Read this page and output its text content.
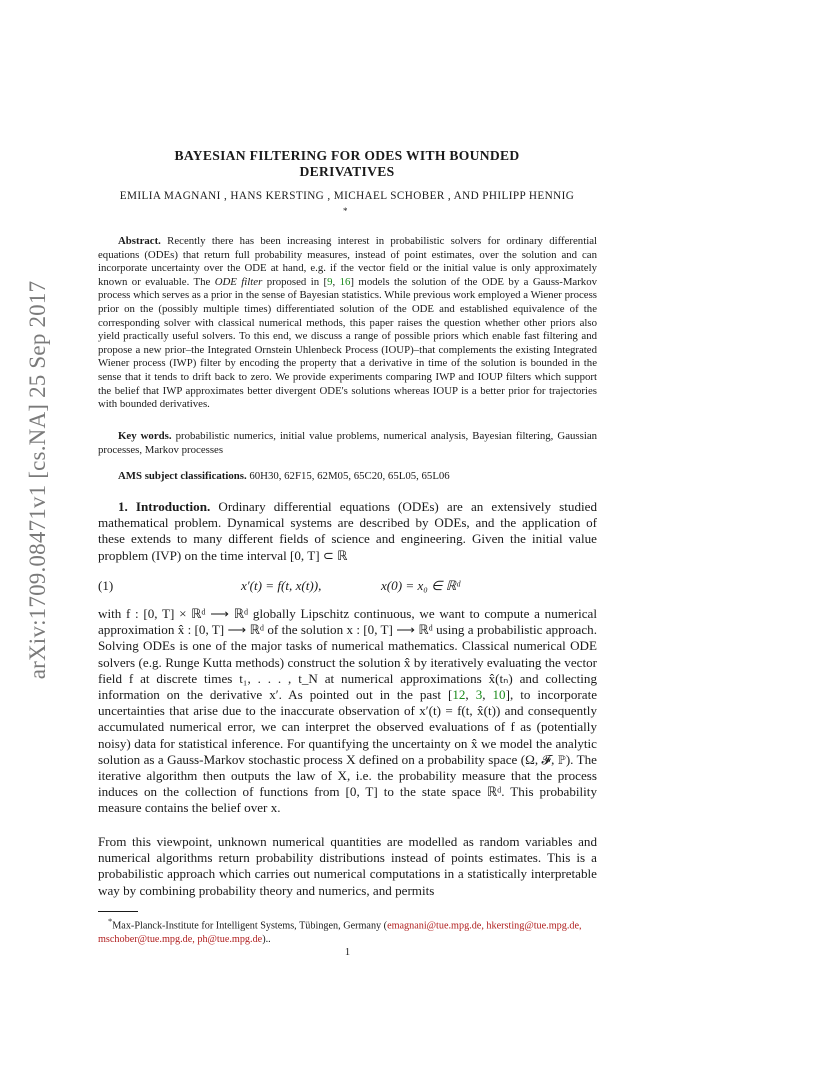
arXiv:1709.08471v1 [cs.NA] 25 Sep 2017
BAYESIAN FILTERING FOR ODES WITH BOUNDED
DERIVATIVES
EMILIA MAGNANI , HANS KERSTING , MICHAEL SCHOBER , AND PHILIPP HENNIG
*
Abstract. Recently there has been increasing interest in probabilistic solvers for ordinary differential equations (ODEs) that return full probability measures, instead of point estimates, over the solution and can incorporate uncertainty over the ODE at hand, e.g. if the vector field or the initial value is only approximately known or evaluable. The ODE filter proposed in [9, 16] models the solution of the ODE by a Gauss-Markov process which serves as a prior in the sense of Bayesian statistics. While previous work employed a Wiener process prior on the (possibly multiple times) differentiated solution of the ODE and established equivalence of the corresponding solver with classical numerical methods, this paper raises the question whether other priors also yield practically useful solvers. To this end, we discuss a range of possible priors which enable fast filtering and propose a new prior–the Integrated Ornstein Uhlenbeck Process (IOUP)–that complements the existing Integrated Wiener process (IWP) filter by encoding the property that a derivative in time of the solution is bounded in the sense that it tends to drift back to zero. We provide experiments comparing IWP and IOUP filters which support the belief that IWP approximates better divergent ODE's solutions whereas IOUP is a better prior for trajectories with bounded derivatives.
Key words. probabilistic numerics, initial value problems, numerical analysis, Bayesian filtering, Gaussian processes, Markov processes
AMS subject classifications. 60H30, 62F15, 62M05, 65C20, 65L05, 65L06
1. Introduction. Ordinary differential equations (ODEs) are an extensively studied mathematical problem. Dynamical systems are described by ODEs, and the application of these extends to many different fields of science and engineering. Given the initial value propblem (IVP) on the time interval [0, T] ⊂ ℝ
(1)	x′(t) = f(t, x(t)),	x(0) = x₀ ∈ ℝᵈ
with f : [0, T] × ℝᵈ ⟶ ℝᵈ globally Lipschitz continuous, we want to compute a numerical approximation x̂ : [0, T] ⟶ ℝᵈ of the solution x : [0, T] ⟶ ℝᵈ using a probabilistic approach. Solving ODEs is one of the major tasks of numerical mathematics. Classical numerical ODE solvers (e.g. Runge Kutta methods) construct the solution x̂ by iteratively evaluating the vector field f at discrete times t₁, . . . , t_N at numerical approximations x̂(tₙ) and collecting information on the derivative x′. As pointed out in the past [12, 3, 10], to incorporate uncertainties that arise due to the inaccurate observation of x′(t) = f(t, x̂(t)) and consequently accumulated numerical error, we can interpret the observed evaluations of f as (potentially noisy) data for statistical inference. For quantifying the uncertainty on x̂ we model the analytic solution as a Gauss-Markov stochastic process X defined on a probability space (Ω, 𝓕, ℙ). The iterative algorithm then outputs the law of X, i.e. the probability measure that the process induces on the collection of functions from [0, T] to the state space ℝᵈ. This probability measure contains the belief over x.
From this viewpoint, unknown numerical quantities are modelled as random variables and numerical algorithms return probability distributions instead of points estimates. This is a probabilistic approach which carries out numerical computations in a statistically interpretable way by combining probability theory and numerics, and permits
*Max-Planck-Institute for Intelligent Systems, Tübingen, Germany (emagnani@tue.mpg.de, hkersting@tue.mpg.de, mschober@tue.mpg.de, ph@tue.mpg.de)..
1
